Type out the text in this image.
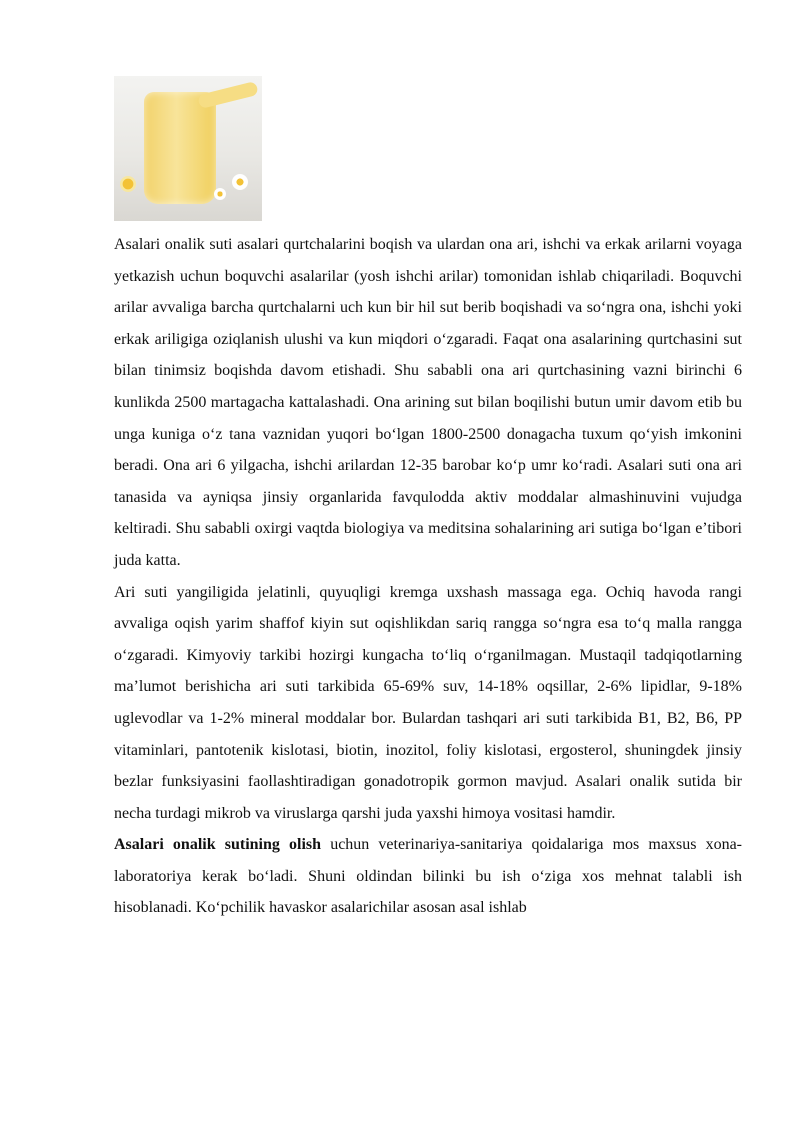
Asalari onalik suti asalari qurtchalarini boqish va ulardan ona ari, ishchi va erkak arilarni voyaga yetkazish uchun boquvchi asalarilar (yosh ishchi arilar) tomonidan ishlab chiqariladi. Boquvchi arilar avvaliga barcha qurtchalarni uch kun bir hil sut berib boqishadi va so‘ngra ona, ishchi yoki erkak ariligiga oziqlanish ulushi va kun miqdori o‘zgaradi. Faqat ona asalarining qurtchasini sut bilan tinimsiz boqishda davom etishadi. Shu sababli ona ari qurtchasining vazni birinchi 6 kunlikda 2500 martagacha kattalashadi. Ona arining sut bilan boqilishi butun umir davom etib bu unga kuniga o‘z tana vaznidan yuqori bo‘lgan 1800-2500 donagacha tuxum qo‘yish imkonini beradi. Ona ari 6 yilgacha, ishchi arilardan 12-35 barobar ko‘p umr ko‘radi. Asalari suti ona ari tanasida va ayniqsa jinsiy organlarida favqulodda aktiv moddalar almashinuvini vujudga keltiradi. Shu sababli oxirgi vaqtda biologiya va meditsina sohalarining ari sutiga bo‘lgan e’tibori juda katta.

Ari suti yangiligida jelatinli, quyuqligi kremga uxshash massaga ega. Ochiq havoda rangi avvaliga oqish yarim shaffof kiyin sut oqishlikdan sariq rangga so‘ngra esa to‘q malla rangga o‘zgaradi. Kimyoviy tarkibi hozirgi kungacha to‘liq o‘rganilmagan. Mustaqil tadqiqotlarning ma’lumot berishicha ari suti tarkibida 65-69% suv, 14-18% oqsillar, 2-6% lipidlar, 9-18% uglevodlar va 1-2% mineral moddalar bor. Bulardan tashqari ari suti tarkibida B1, B2, B6, PP vitaminlari, pantotenik kislotasi, biotin, inozitol, foliy kislotasi, ergosterol, shuningdek jinsiy bezlar funksiyasini faollashtiradigan gonadotropik gormon mavjud. Asalari onalik sutida bir necha turdagi mikrob va viruslarga qarshi juda yaxshi himoya vositasi hamdir.

Asalari onalik sutining olish uchun veterinariya-sanitariya qoidalariga mos maxsus xona-laboratoriya kerak bo‘ladi. Shuni oldindan bilinki bu ish o‘ziga xos mehnat talabli ish hisoblanadi. Ko‘pchilik havaskor asalarichilar asosan asal ishlab
